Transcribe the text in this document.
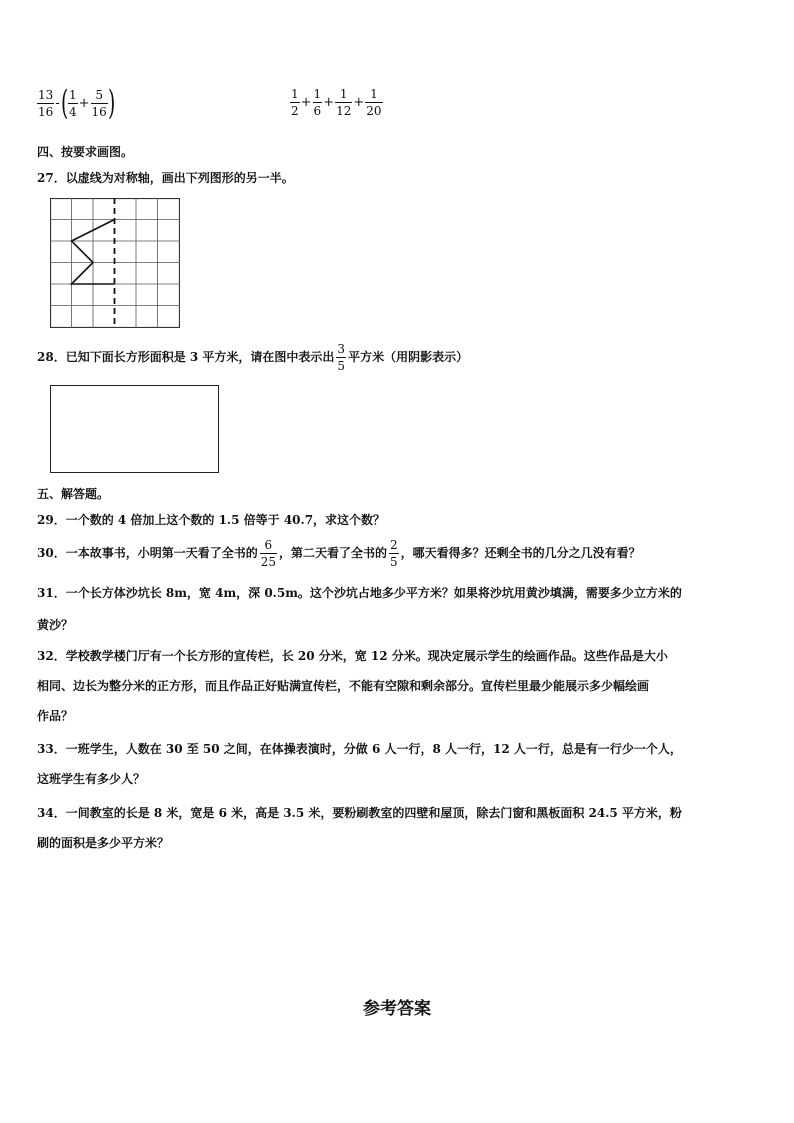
$\frac{13}{16}$ - ( $\frac{1}{4} + \frac{5}{16}$ )	$\frac{1}{2} + \frac{1}{6} + \frac{1}{12} + \frac{1}{20}$
四、按要求画图。
27．以虚线为对称轴，画出下列图形的另一半。
28．已知下面长方形面积是 3 平方米，请在图中表示出 $\frac{3}{5}$ 平方米（用阴影表示）
五、解答题。
29．一个数的 4 倍加上这个数的 1.5 倍等于 40.7，求这个数？
30．一本故事书，小明第一天看了全书的 $\frac{6}{25}$ ，第二天看了全书的 $\frac{2}{5}$ ，哪天看得多？还剩全书的几分之几没有看？
31．一个长方体沙坑长 8m，宽 4m，深 0.5m。这个沙坑占地多少平方米？如果将沙坑用黄沙填满，需要多少立方米的
黄沙？
32．学校教学楼门厅有一个长方形的宣传栏，长 20 分米，宽 12 分米。现决定展示学生的绘画作品。这些作品是大小
相同、边长为整分米的正方形，而且作品正好贴满宣传栏，不能有空隙和剩余部分。宣传栏里最少能展示多少幅绘画
作品？
33．一班学生，人数在 30 至 50 之间，在体操表演时，分做 6 人一行，8 人一行，12 人一行，总是有一行少一个人，
这班学生有多少人？
34．一间教室的长是 8 米，宽是 6 米，高是 3.5 米，要粉刷教室的四壁和屋顶，除去门窗和黑板面积 24.5 平方米，粉
刷的面积是多少平方米？
参考答案
